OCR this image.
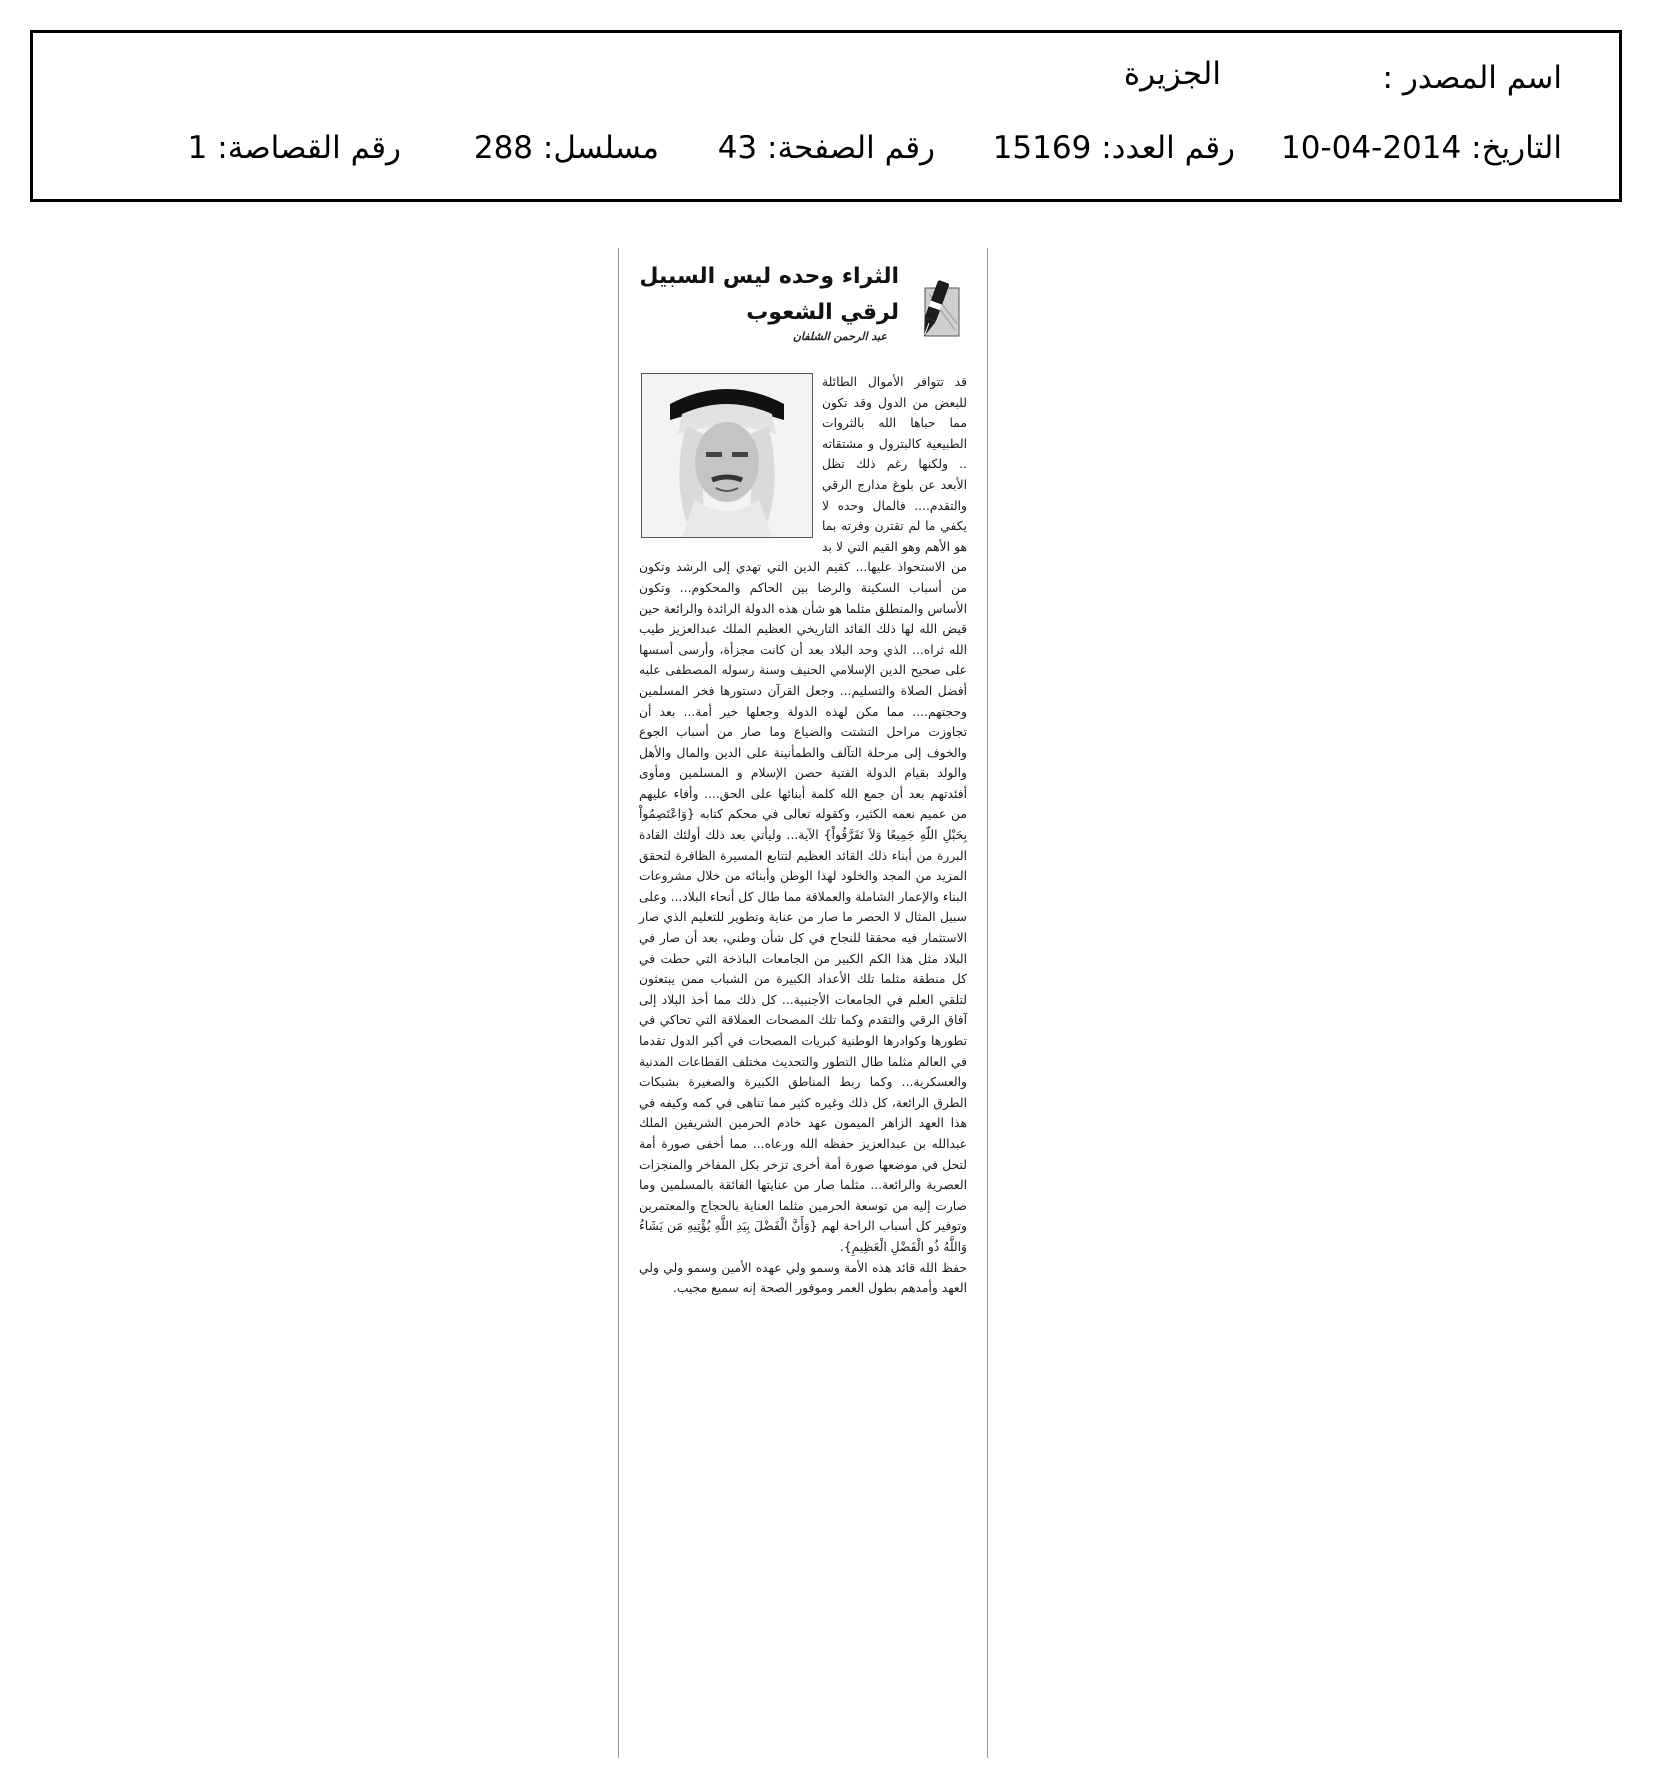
اسم المصدر :
الجزيرة
التاريخ: 2014-04-10
رقم العدد: 15169
رقم الصفحة: 43
مسلسل: 288
رقم القصاصة: 1
الثراء وحده ليس السبيل
لرقي الشعوب
عبد الرحمن الشلفان

قد تتوافر الأموال الطائلة للبعض من الدول وقد تكون مما حباها الله بالثروات الطبيعية كالبترول و مشتقاته .. ولكنها رغم ذلك تظل الأبعد عن بلوغ مدارج الرقي والتقدم.... فالمال وحده لا يكفي ما لم تقترن وفرته بما هو الأهم وهو القيم التي لا بد من الاستحواذ عليها... كقيم الدين التي تهدي إلى الرشد وتكون من أسباب السكينة والرضا بين الحاكم والمحكوم... وتكون الأساس والمنطلق مثلما هو شأن هذه الدولة الرائدة والرائعة حين قيض الله لها ذلك القائد التاريخي العظيم الملك عبدالعزيز طيب الله ثراه... الذي وحد البلاد بعد أن كانت مجزأة، وأرسى أسسها على صحيح الدين الإسلامي الحنيف وسنة رسوله المصطفى عليه أفضل الصلاة والتسليم... وجعل القرآن دستورها فخر المسلمين وحجتهم.... مما مكن لهذه الدولة وجعلها خير أمة... بعد أن تجاوزت مراحل التشتت والضياع وما صار من أسباب الجوع والخوف إلى مرحلة التآلف والطمأنينة على الدين والمال والأهل والولد بقيام الدولة الفتية حصن الإسلام و المسلمين ومأوى أفئدتهم بعد أن جمع الله كلمة أبنائها على الحق.... وأفاء عليهم من عميم نعمه الكثير، وكقوله تعالى في محكم كتابه {وَاعْتَصِمُواْ بِحَبْلِ اللّهِ جَمِيعًا وَلاَ تَفَرَّقُواْ} الآية... وليأتي بعد ذلك أولئك القادة البررة من أبناء ذلك القائد العظيم لتتابع المسيرة الظافرة لتحقق المزيد من المجد والخلود لهذا الوطن وأبنائه من خلال مشروعات البناء والإعمار الشاملة والعملاقة مما طال كل أنحاء البلاد... وعلى سبيل المثال لا الحصر ما صار من عناية وتطوير للتعليم الذي صار الاستثمار فيه محققا للنجاح في كل شأن وطني، بعد أن صار في البلاد مثل هذا الكم الكبير من الجامعات الباذخة التي حطت في كل منطقة مثلما تلك الأعداد الكبيرة من الشباب ممن يبتعثون لتلقي العلم في الجامعات الأجنبية... كل ذلك مما أخذ البلاد إلى آفاق الرقي والتقدم وكما تلك المصحات العملاقة التي تحاكي في تطورها وكوادرها الوطنية كبريات المصحات في أكبر الدول تقدما في العالم مثلما طال التطور والتحديث مختلف القطاعات المدنية والعسكرية... وكما ربط المناطق الكبيرة والصغيرة بشبكات الطرق الرائعة، كل ذلك وغيره كثير مما تناهى في كمه وكيفه في هذا العهد الزاهر الميمون عهد خادم الحرمين الشريفين الملك عبدالله بن عبدالعزيز حفظه الله ورعاه... مما أخفى صورة أمة لتحل في موضعها صورة أمة أخرى تزخر بكل المفاخر والمنجزات العصرية والرائعة... مثلما صار من عنايتها الفائقة بالمسلمين وما صارت إليه من توسعة الحرمين مثلما العناية بالحجاج والمعتمرين وتوفير كل أسباب الراحة لهم {وَأَنَّ الْفَضْلَ بِيَدِ اللَّهِ يُؤْتِيهِ مَن يَشَاءُ وَاللَّهُ ذُو الْفَضْلِ الْعَظِيمِ}.

حفظ الله قائد هذه الأمة وسمو ولي عهده الأمين وسمو ولي ولي العهد وأمدهم بطول العمر وموفور الصحة إنه سميع مجيب.
